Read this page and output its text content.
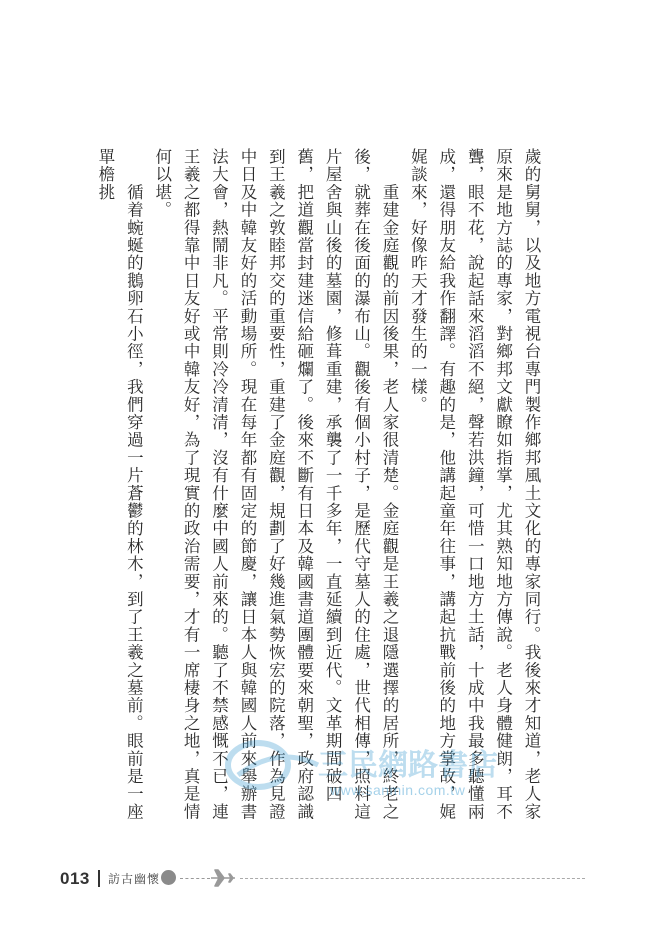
歲的舅舅，以及地方電視台專門製作鄉邦風土文化的專家同行。我後來才知道，老人家原來是地方誌的專家，對鄉邦文獻瞭如指掌，尤其熟知地方傳說。老人身體健朗，耳不聾，眼不花，說起話來滔滔不絕，聲若洪鐘，可惜一口地方土話，十成中我最多聽懂兩成，還得朋友給我作翻譯。有趣的是，他講起童年往事，講起抗戰前後的地方掌故，娓娓談來，好像昨天才發生的一樣。

　　重建金庭觀的前因後果，老人家很清楚。金庭觀是王羲之退隱選擇的居所，終老之後，就葬在後面的瀑布山。觀後有個小村子，是歷代守墓人的住處，世代相傳，照料這片屋舍與山後的墓園，修葺重建，承襲了一千多年，一直延續到近代。文革期間破四舊，把道觀當封建迷信給砸爛了。後來不斷有日本及韓國書道團體要來朝聖，政府認識到王羲之敦睦邦交的重要性，重建了金庭觀，規劃了好幾進氣勢恢宏的院落，作為見證中日及中韓友好的活動場所。現在每年都有固定的節慶，讓日本人與韓國人前來舉辦書法大會，熱鬧非凡。平常則冷冷清清，沒有什麼中國人前來的。聽了不禁感慨不已，連王羲之都得靠中日友好或中韓友好，為了現實的政治需要，才有一席棲身之地，真是情何以堪。

　　循着蜿蜒的鵝卵石小徑，我們穿過一片蒼鬱的林木，到了王羲之墓前。眼前是一座單檐挑

三民網路書店
www.sanmin.com.tw
013 訪古幽懷
